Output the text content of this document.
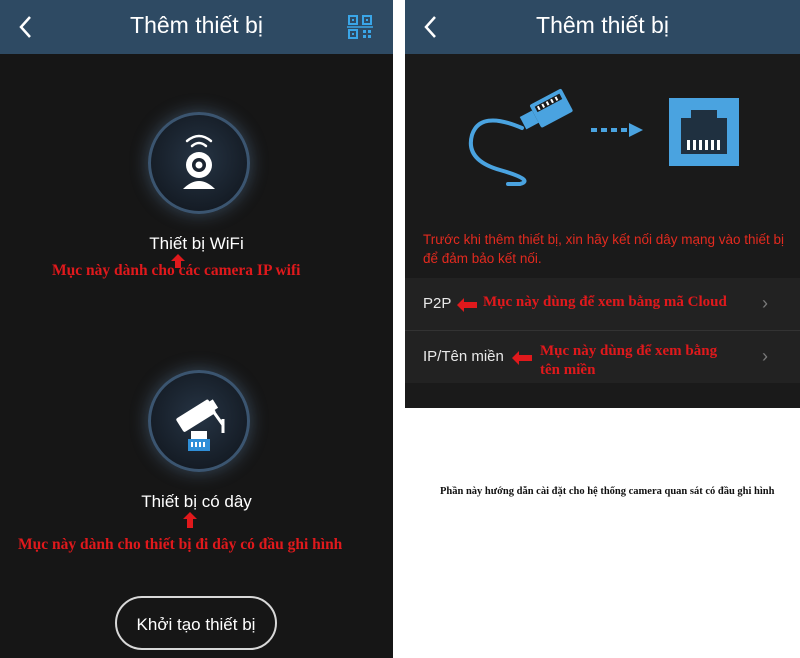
Thêm thiết bị
Thiết bị WiFi
Mục này dành cho các camera IP wifi
Thiết bị có dây
Mục này dành cho thiết bị đi dây có đầu ghi hình
Khởi tạo thiết bị
Thêm thiết bị
Trước khi thêm thiết bị, xin hãy kết nối dây mạng vào thiết bị để đảm bảo kết nối.
P2P Mục này dùng để xem bằng mã Cloud ›
IP/Tên miền Mục này dùng để xem bằng
tên miền
›
Phần này hướng dẫn cài đặt cho hệ thống camera quan sát có đầu ghi hình
